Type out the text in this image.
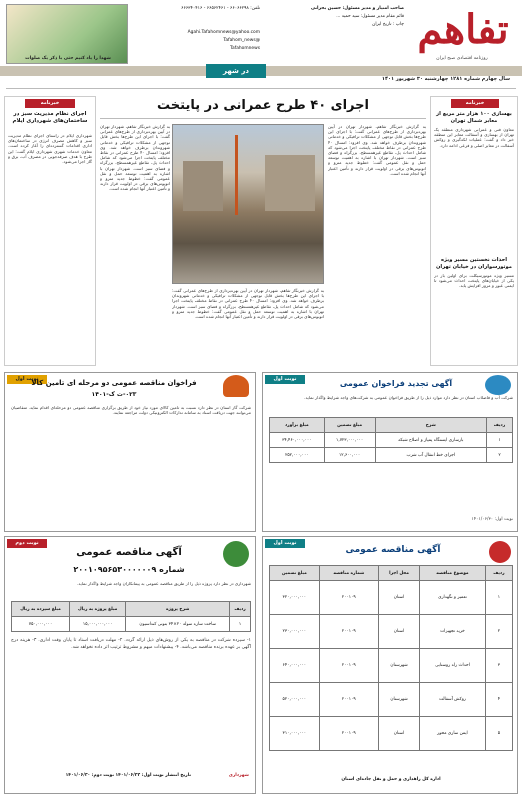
تفاهم
روزنامه اقتصادی صبح ایران
سال چهارم شماره ۱۲۸۱ چهارشنبه ۳۰ شهریور ۱۴۰۱
صاحب امتیاز و مدیر مسئول: حسین بحرانی
قائم مقام مدیر مسئول: سید حمید ...
چاپ : تاریخ ایران
تلفن: ۶۶۰۶۶۲۹۸ - ۶۶۵۶۲۴۶۱ - ۶۶۶۳۴۰۴۱۶
Agahi.Tafahomnews@yahoo.com
Tafahom_news@
Tafahomnews
شهدا را یاد کنیم حتی با ذکر یک صلوات
در شهر
خبرنامه
اجرای نظام مدیریت سبز در ساختمان‌های شهرداری ایلام
شهرداری ایلام در راستای اجرای نظام مدیریت سبز و کاهش مصرف انرژی در ساختمان‌های اداری اقدامات گسترده‌ای را آغاز کرده است. معاون خدمات شهری شهرداری ایلام گفت: این طرح با هدف صرفه‌جویی در مصرف آب، برق و گاز اجرا می‌شود.
اجرای ۴۰ طرح عمرانی در پایتخت
به گزارش خبرنگار تفاهم، شهردار تهران در آیین بهره‌برداری از طرح‌های عمرانی گفت: با اجرای این طرح‌ها بخش قابل توجهی از مشکلات ترافیکی و خدماتی شهروندان برطرف خواهد شد. وی افزود: امسال ۴۰ طرح عمرانی در نقاط مختلف پایتخت اجرا می‌شود که شامل احداث پل، تقاطع غیرهمسطح، بزرگراه و فضای سبز است. شهردار تهران با اشاره به اهمیت توسعه حمل و نقل عمومی گفت: خطوط جدید مترو و اتوبوس‌های برقی در اولویت قرار دارند و تأمین اعتبار آنها انجام شده است.
به گزارش خبرنگار تفاهم، شهردار تهران در آیین بهره‌برداری از طرح‌های عمرانی گفت: با اجرای این طرح‌ها بخش قابل توجهی از مشکلات ترافیکی و خدماتی شهروندان برطرف خواهد شد. وی افزود: امسال ۴۰ طرح عمرانی در نقاط مختلف پایتخت اجرا می‌شود که شامل احداث پل، تقاطع غیرهمسطح، بزرگراه و فضای سبز است. شهردار تهران با اشاره به اهمیت توسعه حمل و نقل عمومی گفت: خطوط جدید مترو و اتوبوس‌های برقی در اولویت قرار دارند و تأمین اعتبار آنها انجام شده است.
به گزارش خبرنگار تفاهم، شهردار تهران در آیین بهره‌برداری از طرح‌های عمرانی گفت: با اجرای این طرح‌ها بخش قابل توجهی از مشکلات ترافیکی و خدماتی شهروندان برطرف خواهد شد. وی افزود: امسال ۴۰ طرح عمرانی در نقاط مختلف پایتخت اجرا می‌شود که شامل احداث پل، تقاطع غیرهمسطح، بزرگراه و فضای سبز است. شهردار تهران با اشاره به اهمیت توسعه حمل و نقل عمومی گفت: خطوط جدید مترو و اتوبوس‌های برقی در اولویت قرار دارند و تأمین اعتبار آنها انجام شده است.
خبرنامه
بهسازی ۱۰۰ هزار متر مربع از معابر شمال تهران
معاون فنی و عمرانی شهرداری منطقه یک تهران از بهسازی و آسفالت معابر این منطقه خبر داد و گفت: عملیات لکه‌گیری و روکش آسفالت در معابر اصلی و فرعی ادامه دارد.
احداث نخستین مسیر ویژه موتورسواران در خیابان تهران
مسیر ویژه موتورسیکلت برای اولین بار در یکی از خیابان‌های پایتخت احداث می‌شود تا ایمنی عبور و مرور افزایش یابد.
نوبت اول
فراخوان مناقصه عمومی دو مرحله ای تامین کالا
۰۲۳-ت ک-۱۴۰۱
شرکت گاز استان در نظر دارد نسبت به تامین کالای مورد نیاز خود از طریق برگزاری مناقصه عمومی دو مرحله‌ای اقدام نماید. متقاضیان می‌توانند جهت دریافت اسناد به سامانه تدارکات الکترونیکی دولت مراجعه نمایند.
نوبت اول	آگهی تجدید فراخوان عمومی
شرکت آب و فاضلاب استان در نظر دارد موارد ذیل را از طریق فراخوان عمومی به شرکت‌های واجد شرایط واگذار نماید.
ردیف	شرح	مبلغ تضمین	مبلغ برآورد
۱	بازسازی ایستگاه پمپاژ و اصلاح شبکه	۱,۷۲۳,۰۰۰,۰۰۰	۳۴,۴۶۰,۰۰۰,۰۰۰
۲	اجرای خط انتقال آب شرب	۱۲,۶۰۰,۰۰۰	۲۵۲,۰۰۰,۰۰۰
نوبت اول: ۱۴۰۱/۰۶/۳۰
نوبت دوم
آگهی مناقصه عمومی
شماره ۲۰۰۱۰۹۵۶۵۳۰۰۰۰۰۰۹
شهرداری در نظر دارد پروژه ذیل را از طریق مناقصه عمومی به پیمانکاران واجد شرایط واگذار نماید.
ردیف	شرح پروژه	مبلغ پروژه به ریال	مبلغ سپرده به ریال
۱	ساخت سازه سوله ۲۰×۳۴ بتونی کنداسیون	۱۵,۰۰۰,۰۰۰,۰۰۰	۷۵۰,۰۰۰,۰۰۰
۱- سپرده شرکت در مناقصه به یکی از روش‌های ذیل ارائه گردد. ۲- مهلت دریافت اسناد تا پایان وقت اداری. ۳- هزینه درج آگهی بر عهده برنده مناقصه می‌باشد. ۴- پیشنهادات مبهم و مشروط ترتیب اثر داده نخواهد شد.
تاریخ انتشار نوبت اول: ۱۴۰۱/۰۶/۲۲ نوبت دوم: ۱۴۰۱/۰۶/۳۰	شهرداری
نوبت اول
آگهی مناقصه عمومی
ردیف	موضوع مناقصه	محل اجرا	شماره مناقصه	مبلغ تضمین
۱	تعمیر و نگهداری	استان	۲۰۰۱۰۹	۳۲۰,۰۰۰,۰۰۰
۲	خرید تجهیزات	استان	۲۰۰۱۰۹	۲۳۰,۰۰۰,۰۰۰
۳	احداث راه روستایی	شهرستان	۲۰۰۱۰۹	۶۴۰,۰۰۰,۰۰۰
۴	روکش آسفالت	شهرستان	۲۰۰۱۰۹	۵۲۰,۰۰۰,۰۰۰
۵	ایمن سازی محور	استان	۲۰۰۱۰۹	۳۱۰,۰۰۰,۰۰۰
اداره کل راهداری و حمل و نقل جاده‌ای استان
